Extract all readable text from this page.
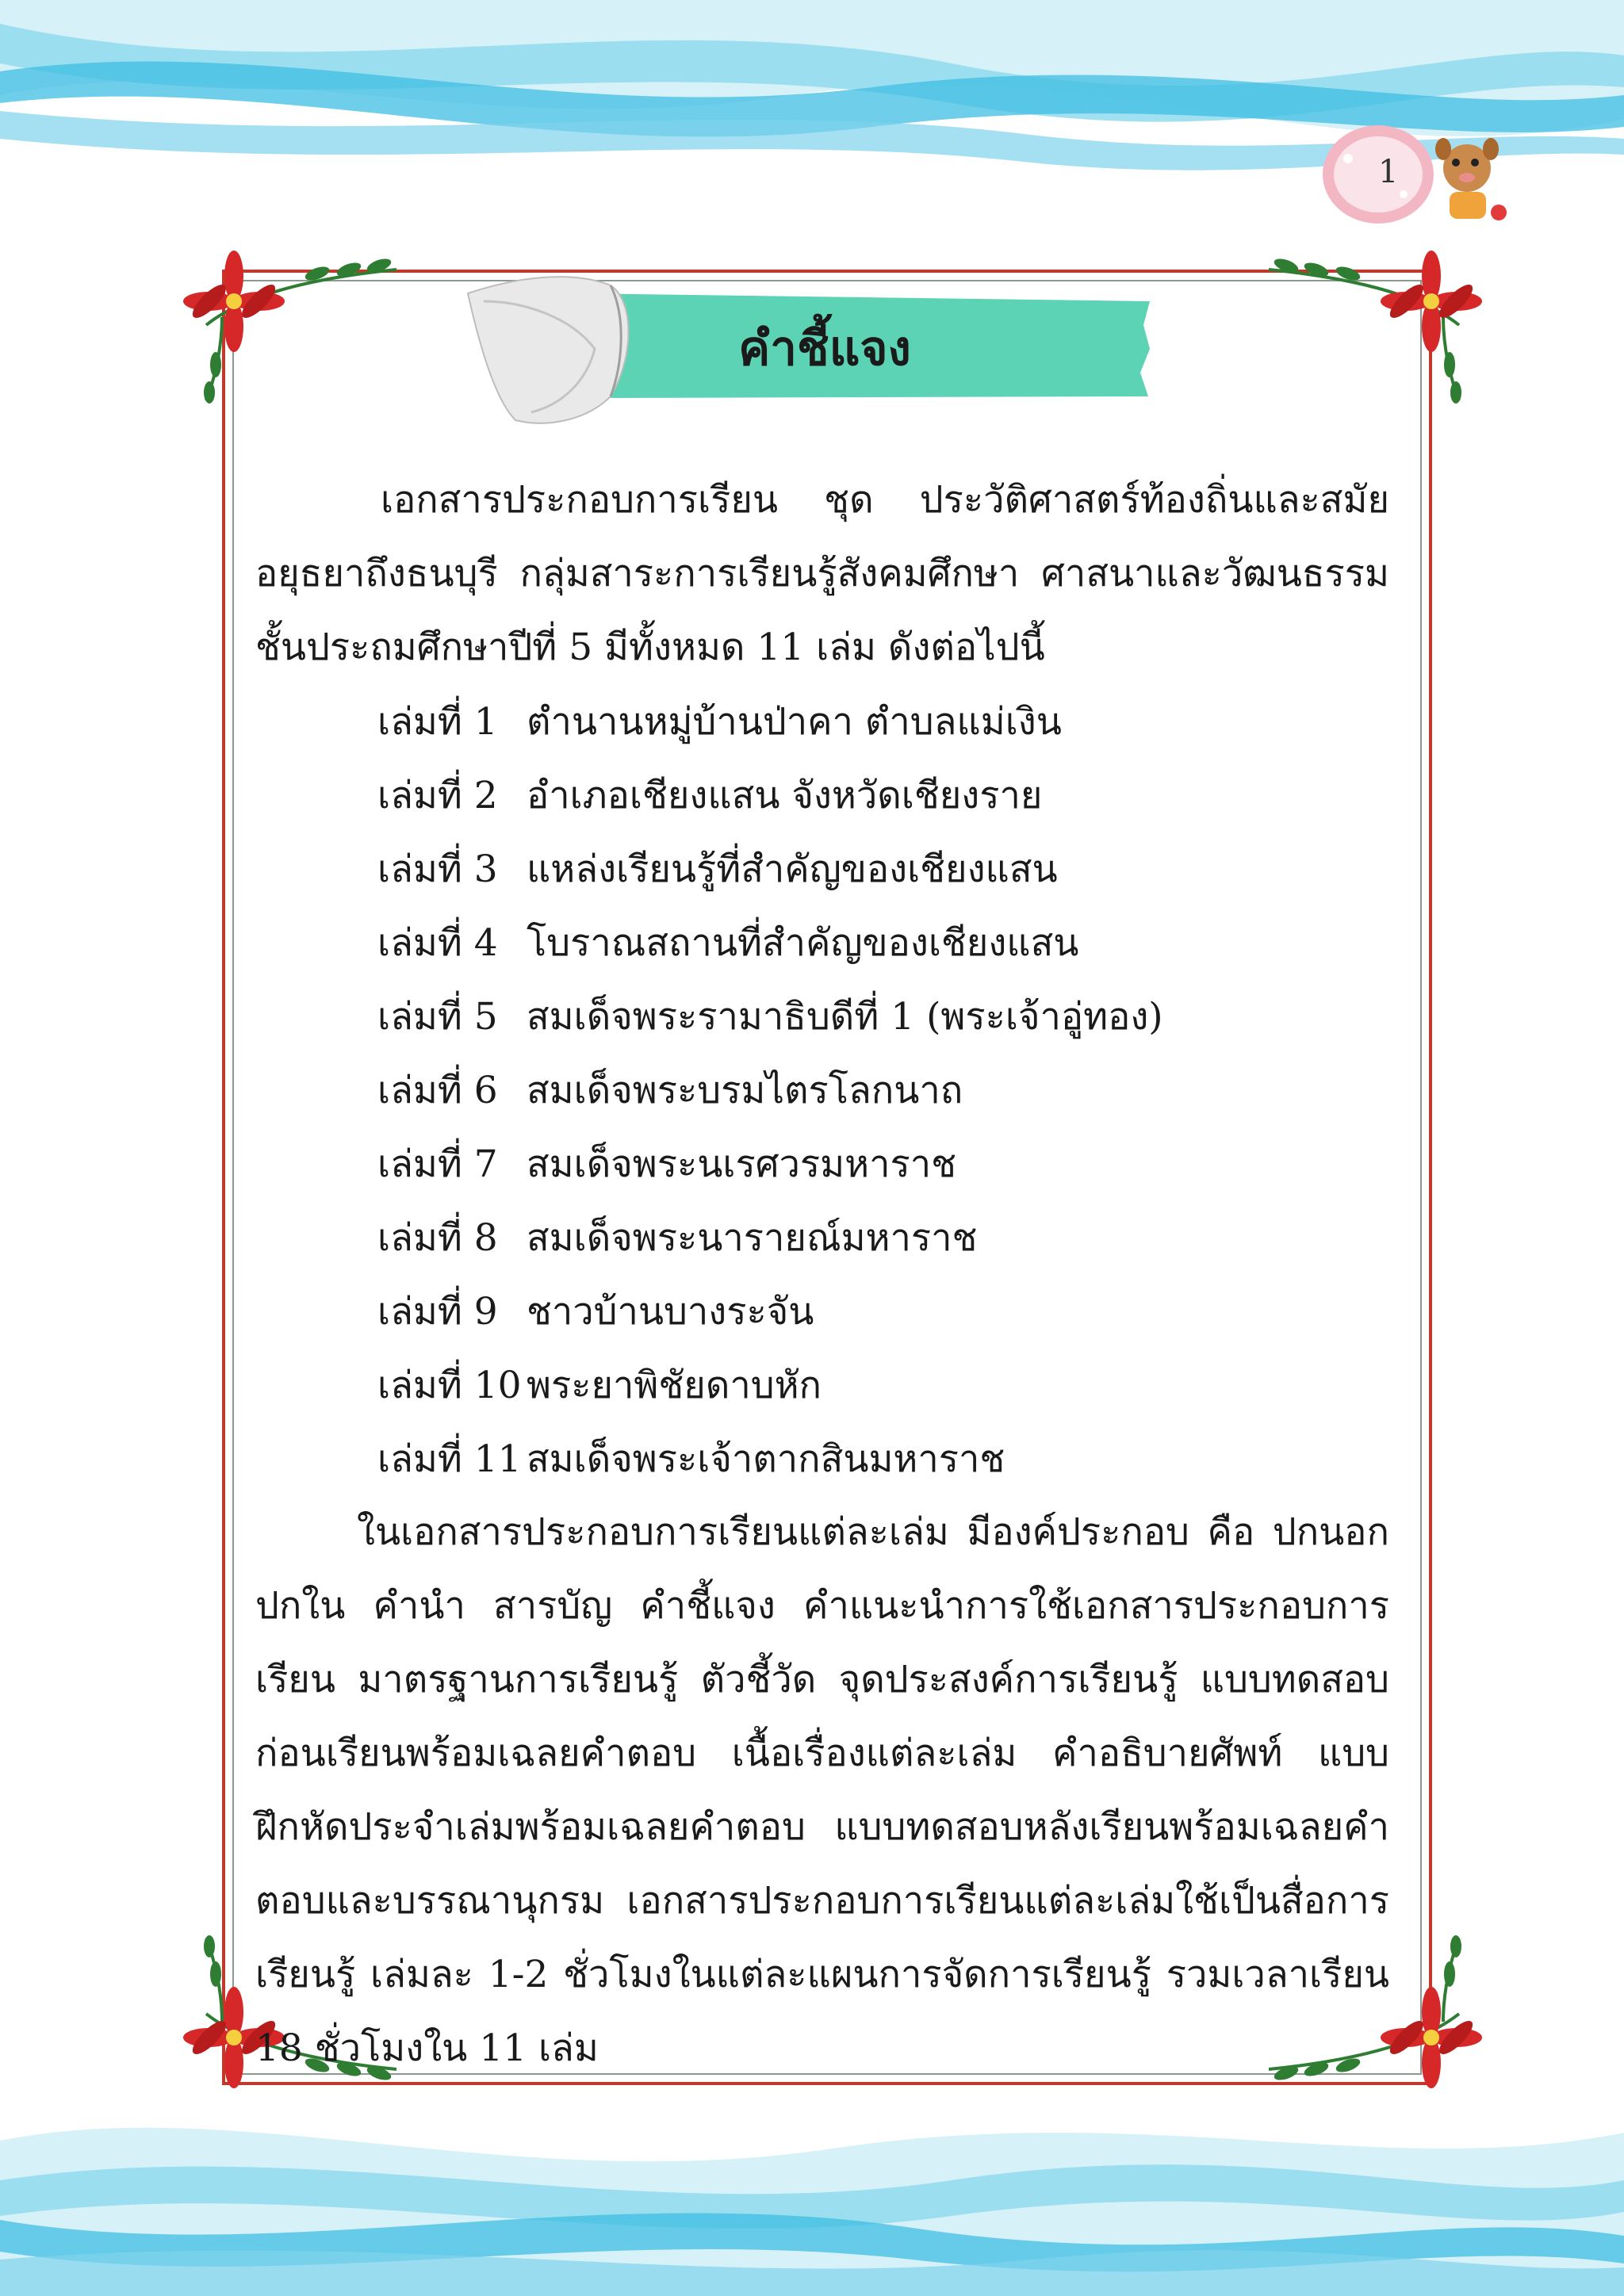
1
คำชี้แจง

เอกสารประกอบการเรียน ชุด ประวัติศาสตร์ท้องถิ่นและสมัยอยุธยาถึงธนบุรี กลุ่มสาระการเรียนรู้สังคมศึกษา ศาสนาและวัฒนธรรม ชั้นประถมศึกษาปีที่ 5 มีทั้งหมด 11 เล่ม ดังต่อไปนี้

เล่มที่ 1 ตำนานหมู่บ้านป่าคา ตำบลแม่เงิน
เล่มที่ 2 อำเภอเชียงแสน จังหวัดเชียงราย
เล่มที่ 3 แหล่งเรียนรู้ที่สำคัญของเชียงแสน
เล่มที่ 4 โบราณสถานที่สำคัญของเชียงแสน
เล่มที่ 5 สมเด็จพระรามาธิบดีที่ 1 (พระเจ้าอู่ทอง)
เล่มที่ 6 สมเด็จพระบรมไตรโลกนาถ
เล่มที่ 7 สมเด็จพระนเรศวรมหาราช
เล่มที่ 8 สมเด็จพระนารายณ์มหาราช
เล่มที่ 9 ชาวบ้านบางระจัน
เล่มที่ 10 พระยาพิชัยดาบหัก
เล่มที่ 11 สมเด็จพระเจ้าตากสินมหาราช

ในเอกสารประกอบการเรียนแต่ละเล่ม มีองค์ประกอบ คือ ปกนอก ปกใน คำนำ สารบัญ คำชี้แจง คำแนะนำการใช้เอกสารประกอบการเรียน มาตรฐานการเรียนรู้ ตัวชี้วัด จุดประสงค์การเรียนรู้ แบบทดสอบก่อนเรียนพร้อมเฉลยคำตอบ เนื้อเรื่องแต่ละเล่ม คำอธิบายศัพท์ แบบฝึกหัดประจำเล่มพร้อมเฉลยคำตอบ แบบทดสอบหลังเรียนพร้อมเฉลยคำตอบและบรรณานุกรม เอกสารประกอบการเรียนแต่ละเล่มใช้เป็นสื่อการเรียนรู้ เล่มละ 1-2 ชั่วโมงในแต่ละแผนการจัดการเรียนรู้ รวมเวลาเรียน 18 ชั่วโมงใน 11 เล่ม
